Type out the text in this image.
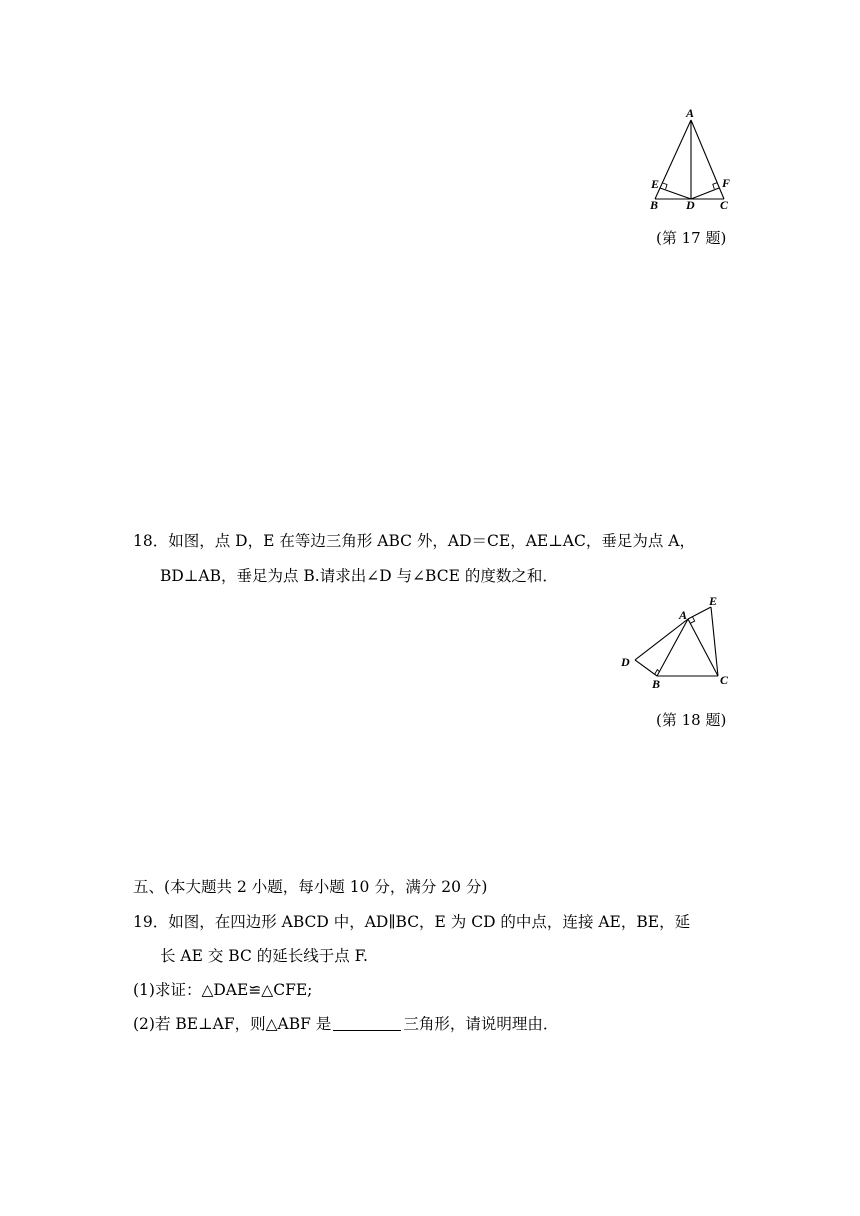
A
E	F
B D C
(第 17 题)
18．如图，点 D，E 在等边三角形 ABC 外，AD＝CE，AE⊥AC，垂足为点 A，
BD⊥AB，垂足为点 B.请求出∠D 与∠BCE 的度数之和．
A
E
D
B	C
(第 18 题)
五、(本大题共 2 小题，每小题 10 分，满分 20 分)
19．如图，在四边形 ABCD 中，AD∥BC，E 为 CD 的中点，连接 AE，BE，延
长 AE 交 BC 的延长线于点 F.
(1)求证：△DAE≌△CFE;
(2)若 BE⊥AF，则△ABF 是	三角形，请说明理由．
